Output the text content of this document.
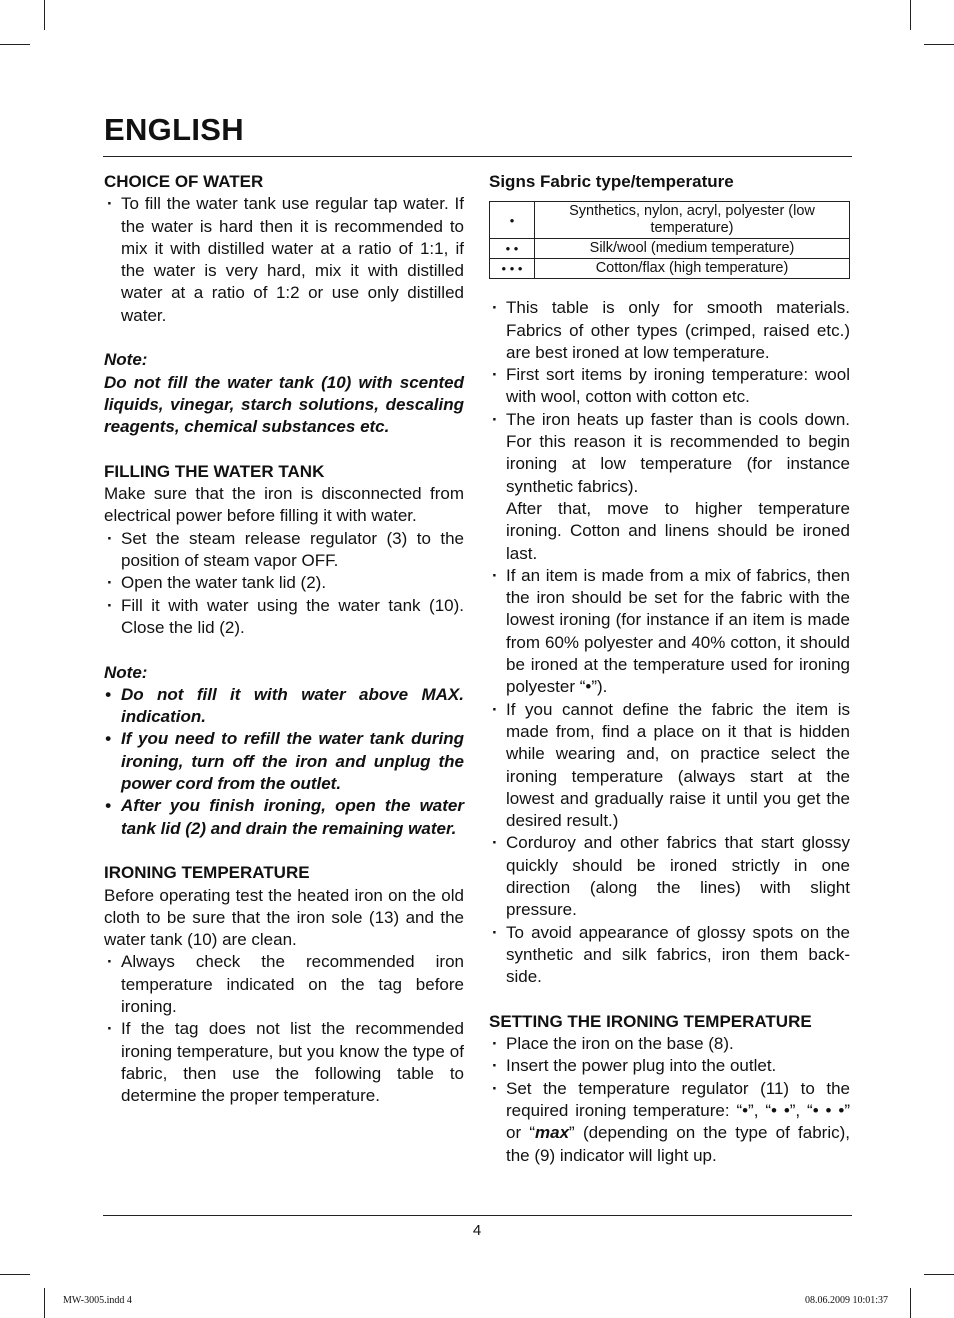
ENGLISH
CHOICE OF WATER
· To fill the water tank use regular tap water. If the water is hard then it is recommended to mix it with distilled water at a ratio of 1:1, if the water is very hard, mix it with distilled water at a ratio of 1:2 or use only distilled water.
Note:

Do not fill the water tank (10) with scented liquids, vinegar, starch solutions, descaling reagents, chemical substances etc.

FILLING THE WATER TANK

Make sure that the iron is disconnected from electrical power before filling it with water.

· Set the steam release regulator (3) to the position of steam vapor OFF.
· Open the water tank lid (2).
· Fill it with water using the water tank (10). Close the lid (2).
Note:
• Do not fill it with water above MAX. indication.
• If you need to refill the water tank during ironing, turn off the iron and unplug the power cord from the outlet.
• After you finish ironing, open the water tank lid (2) and drain the remaining water.
IRONING TEMPERATURE

Before operating test the heated iron on the old cloth to be sure that the iron sole (13) and the water tank (10) are clean.

· Always check the recommended iron temperature indicated on the tag before ironing.
· If the tag does not list the recommended ironing temperature, but you know the type of fabric, then use the following table to determine the proper temperature.
Signs Fabric type/temperature
•	Synthetics, nylon, acryl, polyester (low temperature)
• •	Silk/wool (medium temperature)
• • •	Cotton/flax (high temperature)
· This table is only for smooth materials. Fabrics of other types (crimped, raised etc.) are best ironed at low temperature.
· First sort items by ironing temperature: wool with wool, cotton with cotton etc.
· The iron heats up faster than is cools down. For this reason it is recommended to begin ironing at low temperature (for instance synthetic fabrics).

After that, move to higher temperature ironing. Cotton and linens should be ironed last.

· If an item is made from a mix of fabrics, then the iron should be set for the fabric with the lowest ironing (for instance if an item is made from 60% polyester and 40% cotton, it should be ironed at the temperature used for ironing polyester “•”).
· If you cannot define the fabric the item is made from, find a place on it that is hidden while wearing and, on practice select the ironing temperature (always start at the lowest and gradually raise it until you get the desired result.)
· Corduroy and other fabrics that start glossy quickly should be ironed strictly in one direction (along the lines) with slight pressure.
· To avoid appearance of glossy spots on the synthetic and silk fabrics, iron them back-side.
SETTING THE IRONING TEMPERATURE
· Place the iron on the base (8).
· Insert the power plug into the outlet.
· Set the temperature regulator (11) to the required ironing temperature: “•”, “• •”, “• • •” or “max” (depending on the type of fabric), the (9) indicator will light up.
4
MW-3005.indd 4	08.06.2009 10:01:37
